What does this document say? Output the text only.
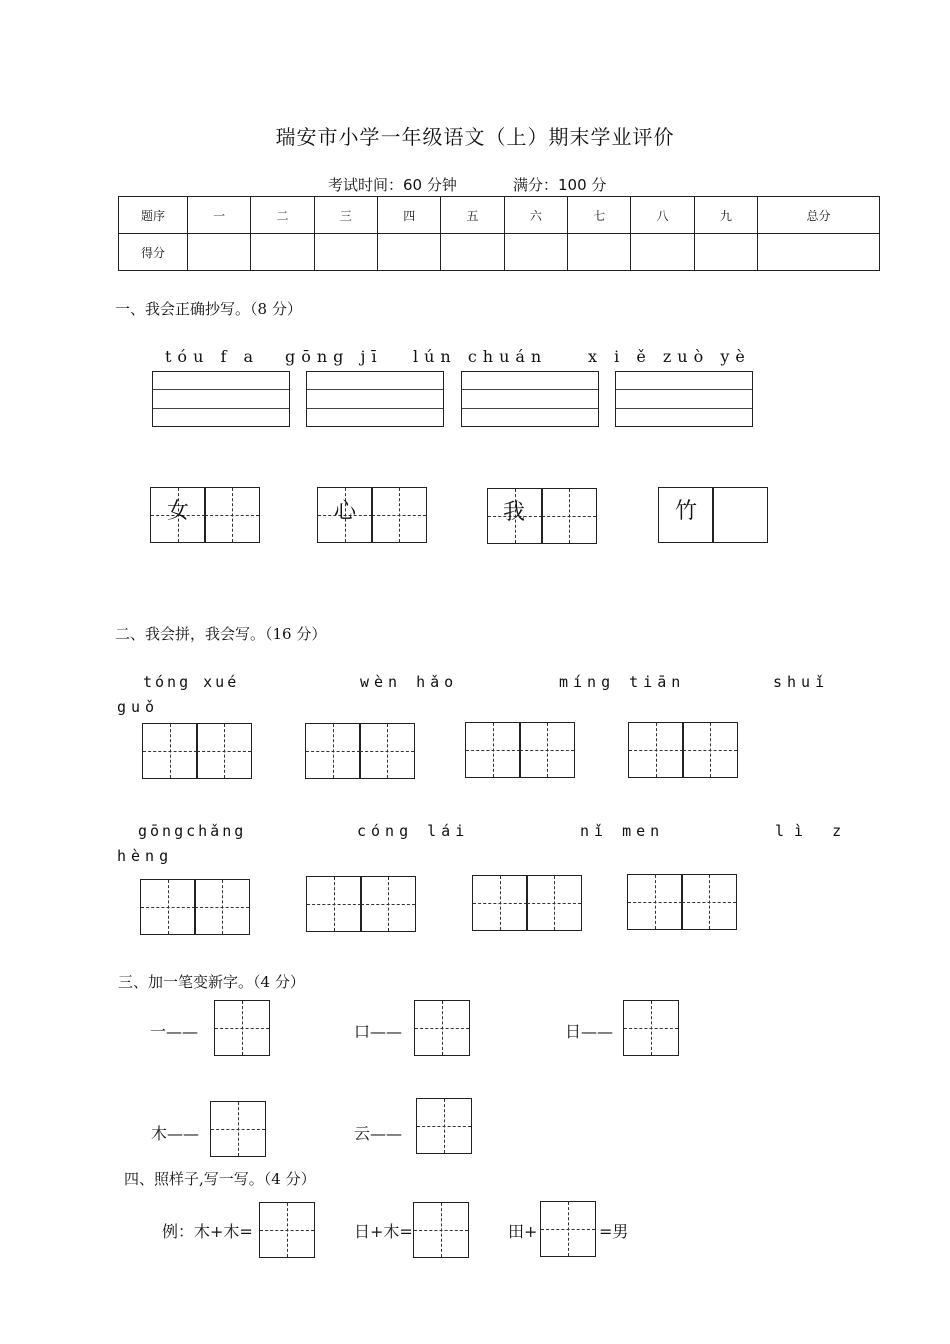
瑞安市小学一年级语文（上）期末学业评价
考试时间：60 分钟	满分：100 分
题序	一	二	三	四	五	六	七	八	九	总分
得分										
一、我会正确抄写。（8 分）
tóu f a gōng jī lún chuán	x i ě zuò yè
女	心	我	竹
二、我会拼，我会写。（16 分）
tóng xué	wèn hǎo	míng tiān	shuǐ
guǒ
gōngchǎng	cóng lái	nǐ men	lì z
hèng
三、加一笔变新字。（4 分）
一——	口——	日——
木——	云——
四、照样子,写一写。（4 分）
例：木+木=	日+木=	田+	=男
